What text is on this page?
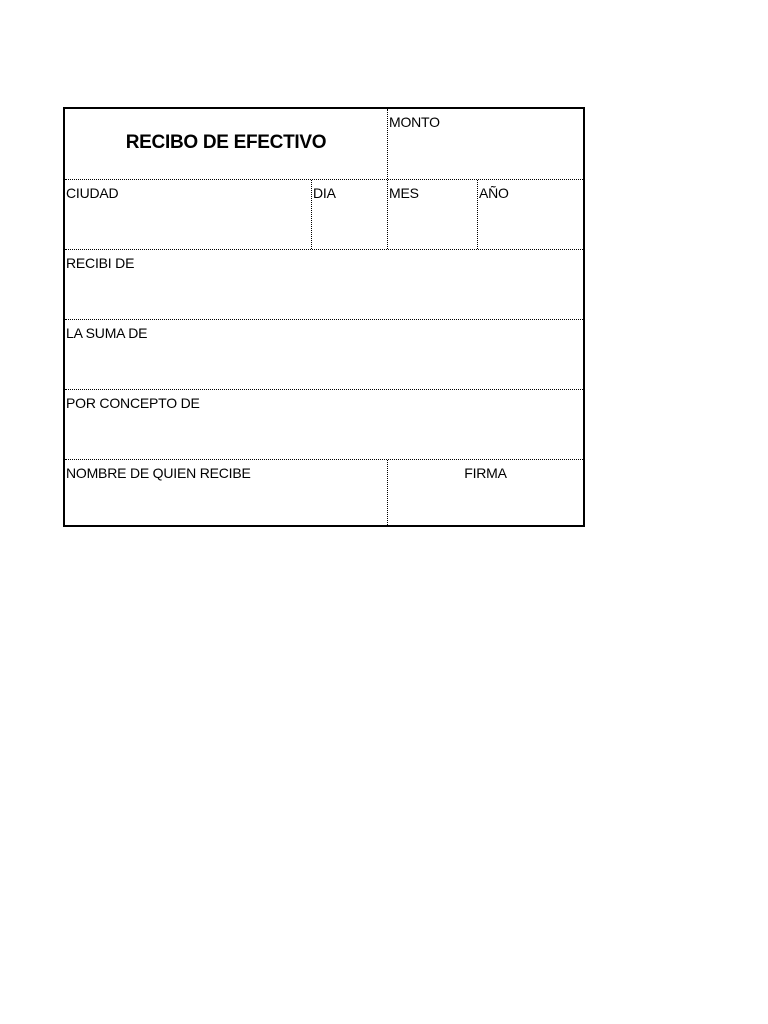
RECIBO DE EFECTIVO
MONTO
CIUDAD	DIA	MES	AÑO
RECIBI DE
LA SUMA DE
POR CONCEPTO DE
NOMBRE DE QUIEN RECIBE	FIRMA
